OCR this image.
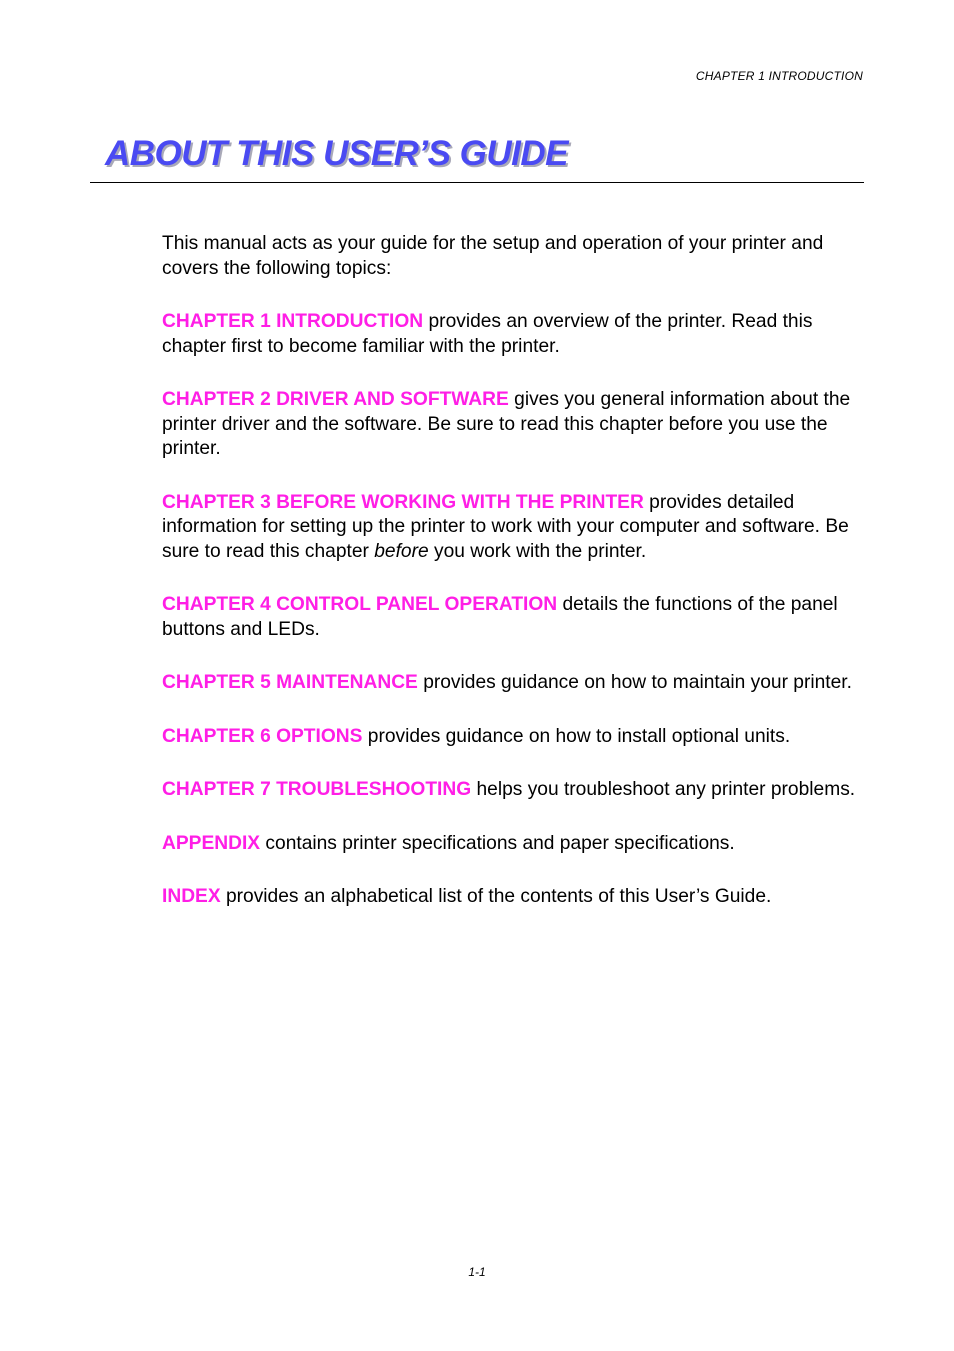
CHAPTER 1 INTRODUCTION
ABOUT THIS USER’S GUIDE

This manual acts as your guide for the setup and operation of your printer and covers the following topics:

CHAPTER 1 INTRODUCTION provides an overview of the printer. Read this chapter first to become familiar with the printer.

CHAPTER 2 DRIVER AND SOFTWARE gives you general information about the printer driver and the software. Be sure to read this chapter before you use the printer.

CHAPTER 3 BEFORE WORKING WITH THE PRINTER provides detailed information for setting up the printer to work with your computer and software. Be sure to read this chapter before you work with the printer.

CHAPTER 4 CONTROL PANEL OPERATION details the functions of the panel buttons and LEDs.

CHAPTER 5 MAINTENANCE provides guidance on how to maintain your printer.

CHAPTER 6 OPTIONS provides guidance on how to install optional units.

CHAPTER 7 TROUBLESHOOTING helps you troubleshoot any printer problems.

APPENDIX contains printer specifications and paper specifications.

INDEX provides an alphabetical list of the contents of this User’s Guide.

1-1
